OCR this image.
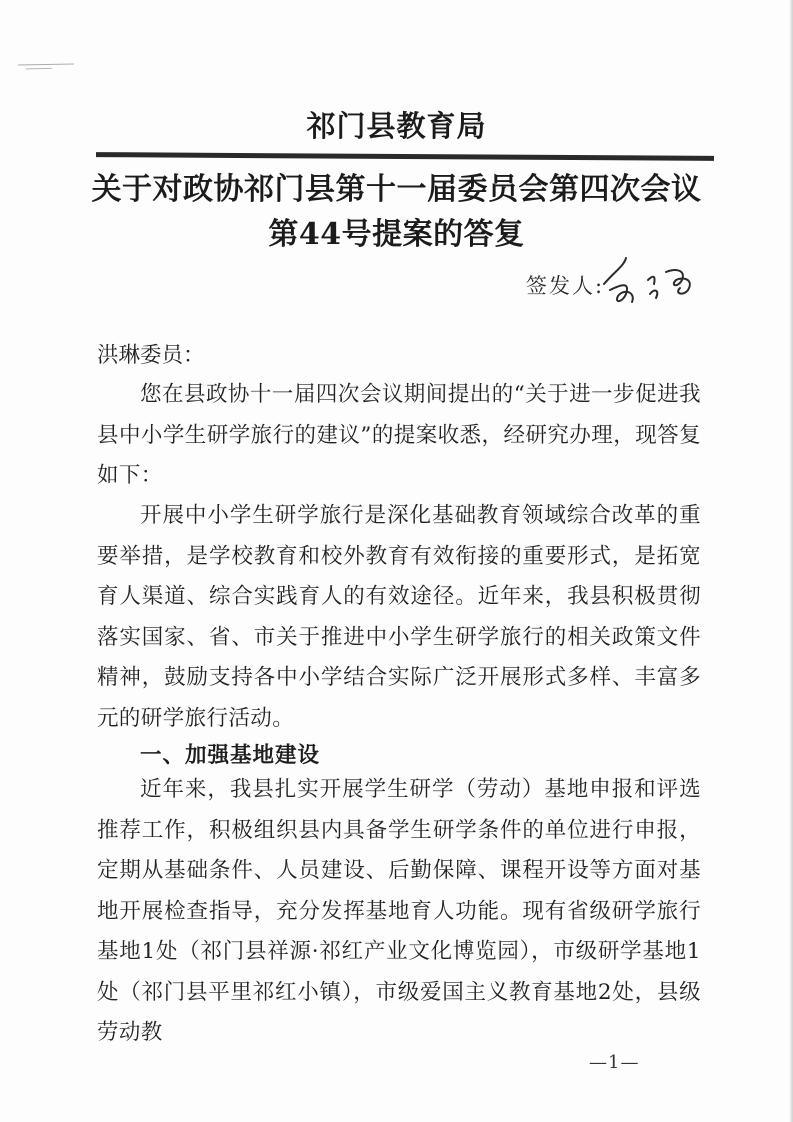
祁门县教育局
关于对政协祁门县第十一届委员会第四次会议
第44号提案的答复
签发人:
洪琳委员：
您在县政协十一届四次会议期间提出的“关于进一步促进我县中小学生研学旅行的建议”的提案收悉，经研究办理，现答复如下：
开展中小学生研学旅行是深化基础教育领域综合改革的重要举措，是学校教育和校外教育有效衔接的重要形式，是拓宽育人渠道、综合实践育人的有效途径。近年来，我县积极贯彻落实国家、省、市关于推进中小学生研学旅行的相关政策文件精神，鼓励支持各中小学结合实际广泛开展形式多样、丰富多元的研学旅行活动。
一、加强基地建设
近年来，我县扎实开展学生研学（劳动）基地申报和评选推荐工作，积极组织县内具备学生研学条件的单位进行申报，定期从基础条件、人员建设、后勤保障、课程开设等方面对基地开展检查指导，充分发挥基地育人功能。现有省级研学旅行基地1处（祁门县祥源·祁红产业文化博览园），市级研学基地1处（祁门县平里祁红小镇），市级爱国主义教育基地2处，县级劳动教
—1—
